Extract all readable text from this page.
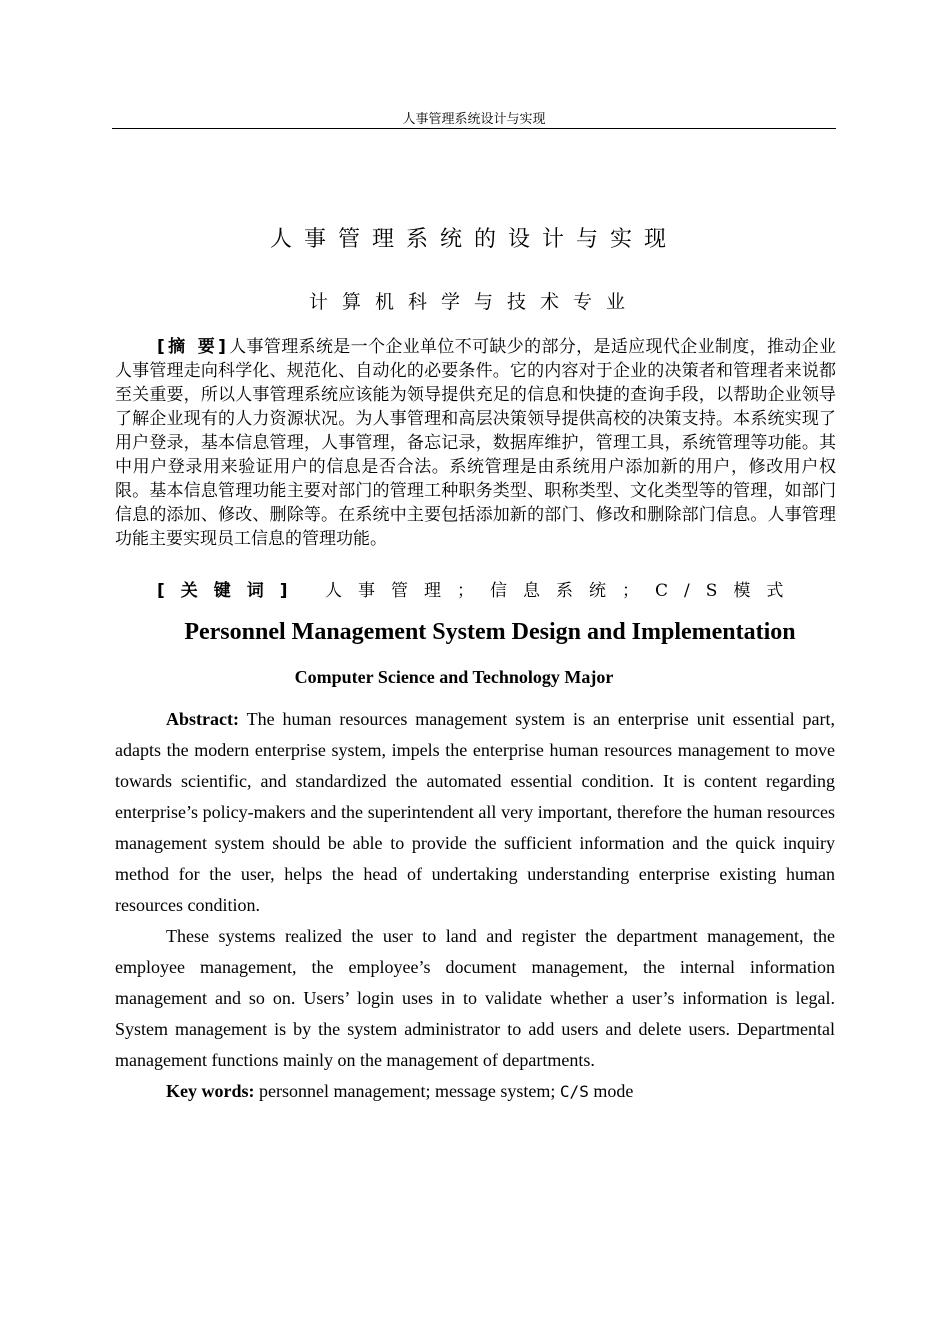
人事管理系统设计与实现
人事管理系统的设计与实现
计算机科学与技术专业
[摘 要]人事管理系统是一个企业单位不可缺少的部分，是适应现代企业制度，推动企业人事管理走向科学化、规范化、自动化的必要条件。它的内容对于企业的决策者和管理者来说都至关重要，所以人事管理系统应该能为领导提供充足的信息和快捷的查询手段，以帮助企业领导了解企业现有的人力资源状况。为人事管理和高层决策领导提供高校的决策支持。本系统实现了用户登录，基本信息管理，人事管理，备忘记录，数据库维护，管理工具，系统管理等功能。其中用户登录用来验证用户的信息是否合法。系统管理是由系统用户添加新的用户，修改用户权限。基本信息管理功能主要对部门的管理工种职务类型、职称类型、文化类型等的管理，如部门信息的添加、修改、删除等。在系统中主要包括添加新的部门、修改和删除部门信息。人事管理功能主要实现员工信息的管理功能。
[关键词] 人事管理；信息系统；C/S模式
Personnel Management System Design and Implementation
Computer Science and Technology Major

Abstract: The human resources management system is an enterprise unit essential part, adapts the modern enterprise system, impels the enterprise human resources management to move towards scientific, and standardized the automated essential condition. It is content regarding enterprise’s policy-makers and the superintendent all very important, therefore the human resources management system should be able to provide the sufficient information and the quick inquiry method for the user, helps the head of undertaking understanding enterprise existing human resources condition.

These systems realized the user to land and register the department management, the employee management, the employee’s document management, the internal information management and so on. Users’ login uses in to validate whether a user’s information is legal. System management is by the system administrator to add users and delete users. Departmental management functions mainly on the management of departments.

Key words: personnel management; message system; C/S mode
